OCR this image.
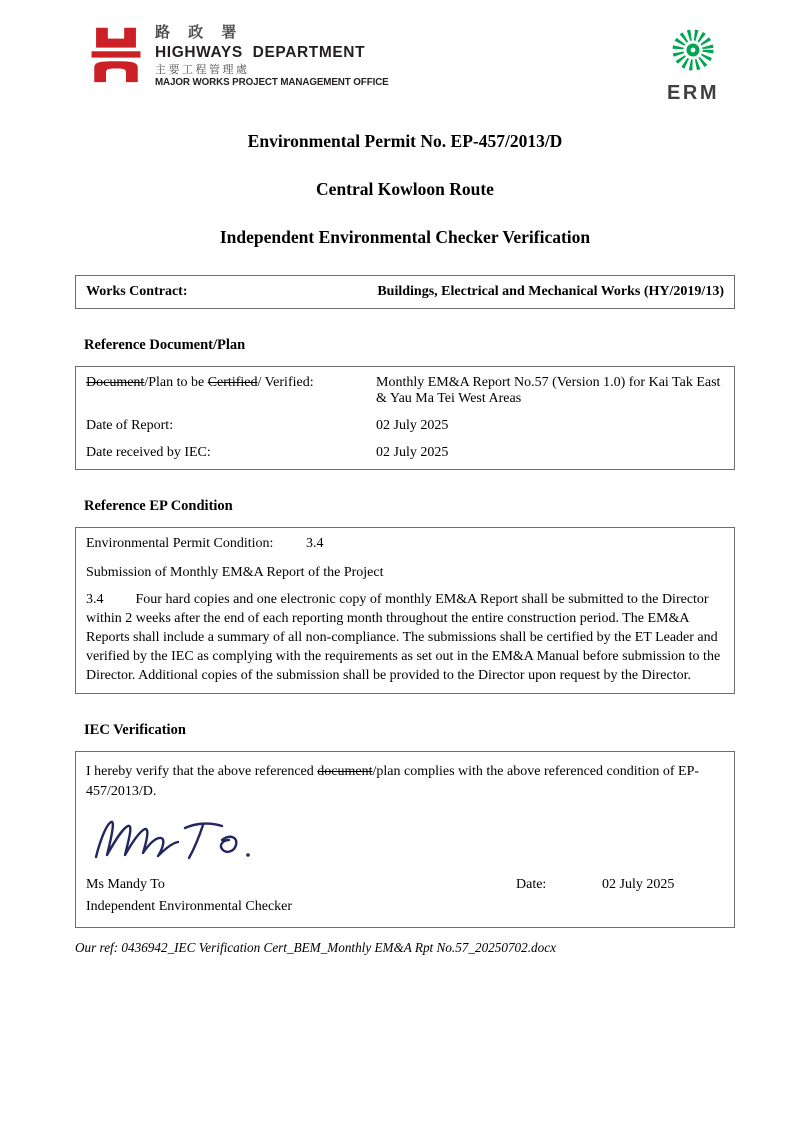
路 政 署
HIGHWAYS DEPARTMENT
主要工程管理處
MAJOR WORKS PROJECT MANAGEMENT OFFICE	ERM
Environmental Permit No. EP-457/2013/D
Central Kowloon Route
Independent Environmental Checker Verification
Works Contract:	Buildings, Electrical and Mechanical Works (HY/2019/13)
Reference Document/Plan
Document/Plan to be Certified/ Verified:	Monthly EM&A Report No.57 (Version 1.0) for Kai Tak East & Yau Ma Tei West Areas
Date of Report:	02 July 2025
Date received by IEC:	02 July 2025
Reference EP Condition
Environmental Permit Condition:	3.4
Submission of Monthly EM&A Report of the Project
3.4 Four hard copies and one electronic copy of monthly EM&A Report shall be submitted to the Director within 2 weeks after the end of each reporting month throughout the entire construction period. The EM&A Reports shall include a summary of all non-compliance. The submissions shall be certified by the ET Leader and verified by the IEC as complying with the requirements as set out in the EM&A Manual before submission to the Director. Additional copies of the submission shall be provided to the Director upon request by the Director.
IEC Verification
I hereby verify that the above referenced document/plan complies with the above referenced condition of EP-457/2013/D.
Ms Mandy To	Date:	02 July 2025
Independent Environmental Checker
Our ref: 0436942_IEC Verification Cert_BEM_Monthly EM&A Rpt No.57_20250702.docx
